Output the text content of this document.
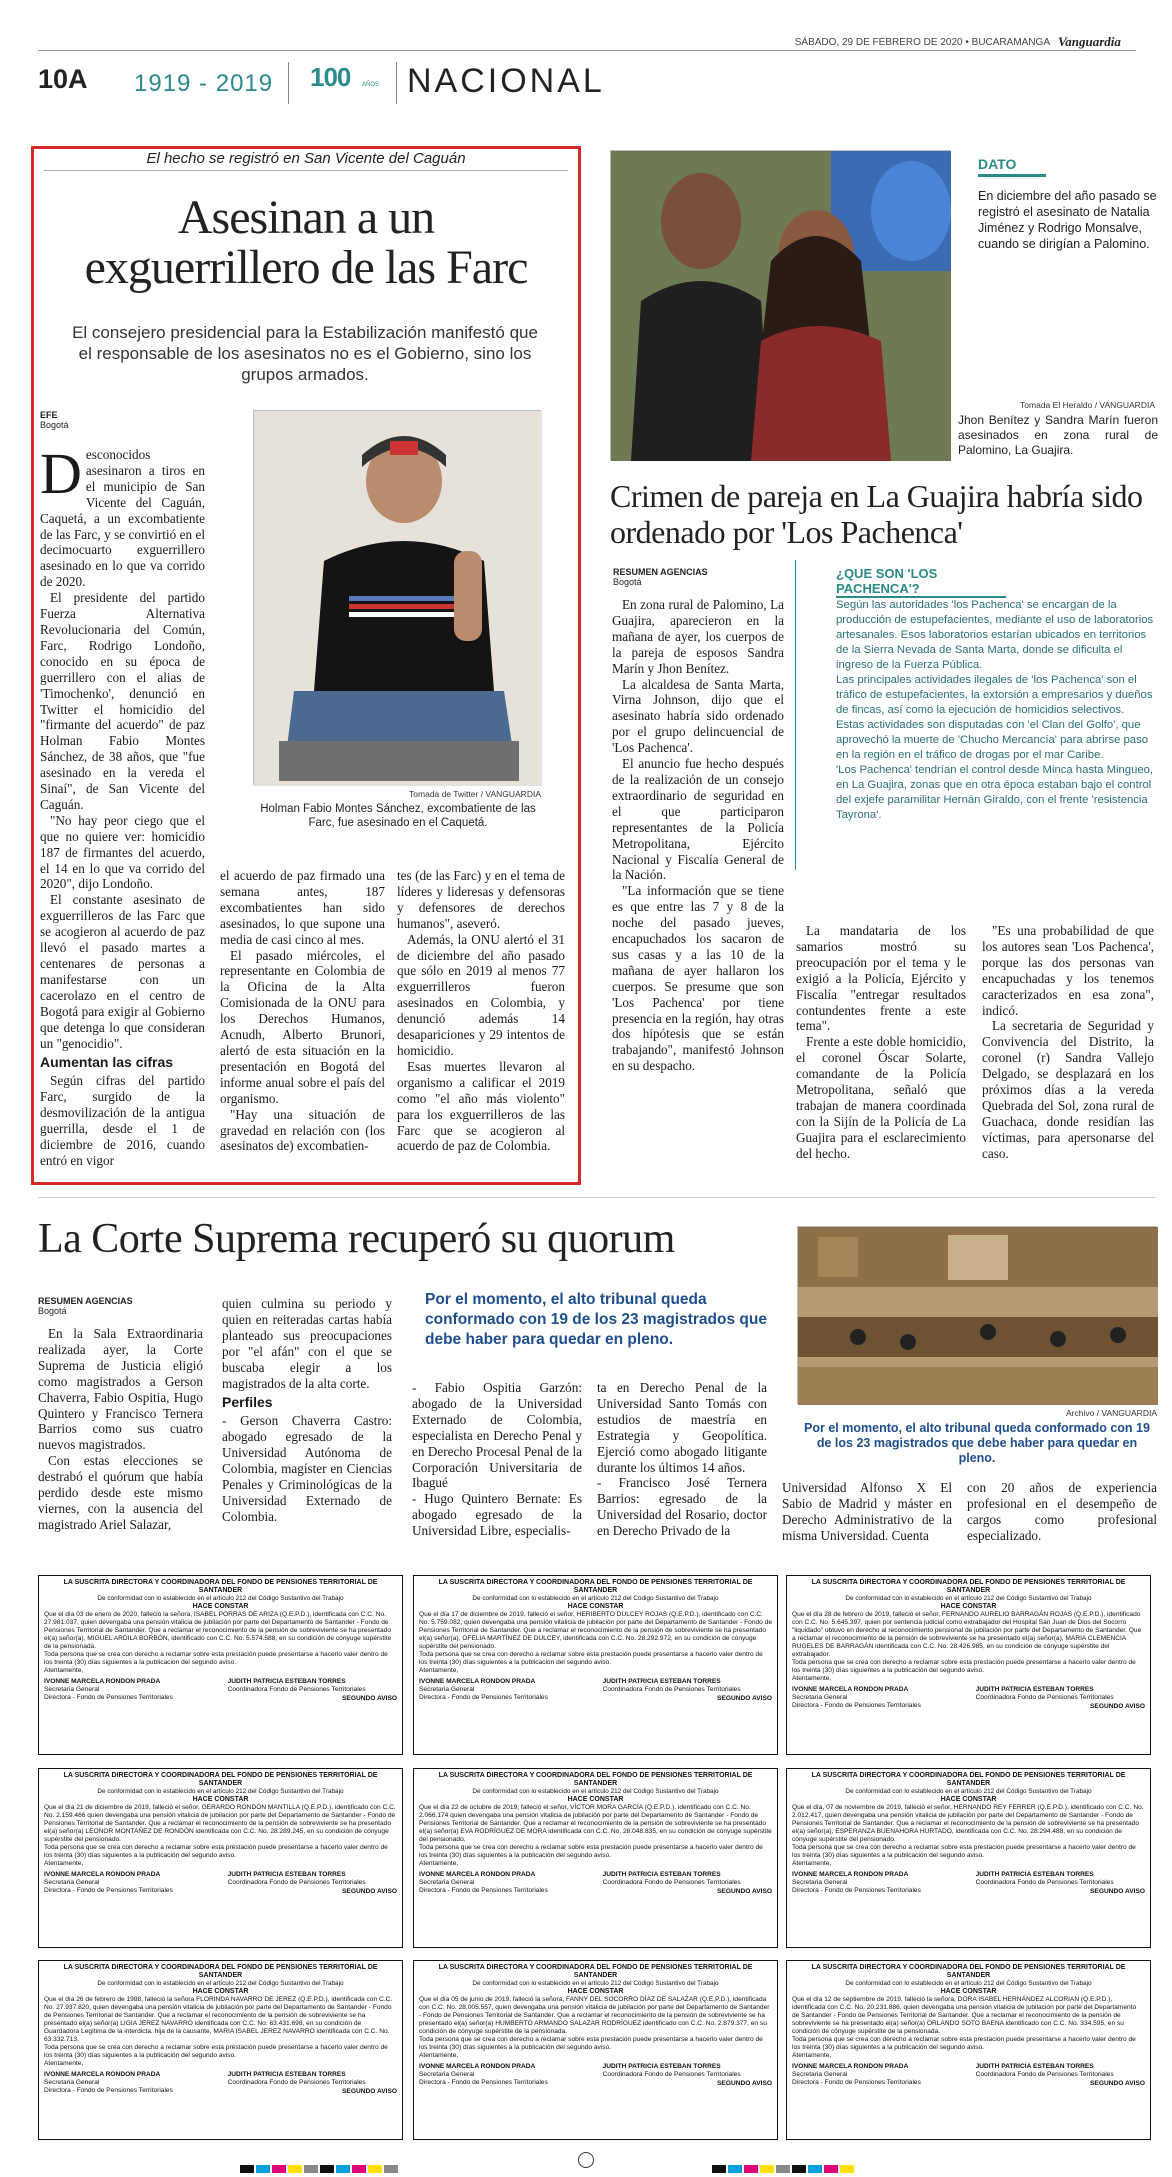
SÁBADO, 29 DE FEBRERO DE 2020 • BUCARAMANGA Vanguardia
10A 1919 - 2019 100 AÑOS NACIONAL
El hecho se registró en San Vicente del Caguán
Asesinan a un exguerrillero de las Farc
El consejero presidencial para la Estabilización manifestó que el responsable de los asesinatos no es el Gobierno, sino los grupos armados.
EFE
Bogotá

Desconocidos asesinaron a tiros en el municipio de San Vicente del Caguán, Caquetá, a un excombatiente de las Farc, y se convirtió en el decimocuarto exguerrillero asesinado en lo que va corrido de 2020.

El presidente del partido Fuerza Alternativa Revolucionaria del Común, Farc, Rodrigo Londoño, conocido en su época de guerrillero con el alias de 'Timochenko', denunció en Twitter el homicidio del "firmante del acuerdo" de paz Holman Fabio Montes Sánchez, de 38 años, que "fue asesinado en la vereda el Sinaí", de San Vicente del Caguán.

"No hay peor ciego que el que no quiere ver: homicidio 187 de firmantes del acuerdo, el 14 en lo que va corrido del 2020", dijo Londoño.

El constante asesinato de exguerrilleros de las Farc que se acogieron al acuerdo de paz llevó el pasado martes a centenares de personas a manifestarse con un cacerolazo en el centro de Bogotá para exigir al Gobierno que detenga lo que consideran un "genocidio".

Aumentan las cifras

Según cifras del partido Farc, surgido de la desmovilización de la antigua guerrilla, desde el 1 de diciembre de 2016, cuando entró en vigor

Tomada de Twitter / VANGUARDIA
Holman Fabio Montes Sánchez, excombatiente de las Farc, fue asesinado en el Caquetá.

el acuerdo de paz firmado una semana antes, 187 excombatientes han sido asesinados, lo que supone una media de casi cinco al mes.

El pasado miércoles, el representante en Colombia de la Oficina de la Alta Comisionada de la ONU para los Derechos Humanos, Acnudh, Alberto Brunori, alertó de esta situación en la presentación en Bogotá del informe anual sobre el país del organismo.

"Hay una situación de gravedad en relación con (los asesinatos de) excombatien-

tes (de las Farc) y en el tema de líderes y lideresas y defensoras y defensores de derechos humanos", aseveró.

Además, la ONU alertó el 31 de diciembre del año pasado que sólo en 2019 al menos 77 exguerrilleros fueron asesinados en Colombia, y denunció además 14 desapariciones y 29 intentos de homicidio.

Esas muertes llevaron al organismo a calificar el 2019 como "el año más violento" para los exguerrilleros de las Farc que se acogieron al acuerdo de paz de Colombia.

DATO
En diciembre del año pasado se registró el asesinato de Natalia Jiménez y Rodrigo Monsalve, cuando se dirigían a Palomino.
Tomada El Heraldo / VANGUARDIA
Jhon Benítez y Sandra Marín fueron asesinados en zona rural de Palomino, La Guajira.
Crimen de pareja en La Guajira habría sido ordenado por 'Los Pachenca'
RESUMEN AGENCIAS
Bogotá

En zona rural de Palomino, La Guajira, aparecieron en la mañana de ayer, los cuerpos de la pareja de esposos Sandra Marín y Jhon Benítez.

La alcaldesa de Santa Marta, Virna Johnson, dijo que el asesinato habría sido ordenado por el grupo delincuencial de 'Los Pachenca'.

El anuncio fue hecho después de la realización de un consejo extraordinario de seguridad en el que participaron representantes de la Policía Metropolitana, Ejército Nacional y Fiscalía General de la Nación.

"La información que se tiene es que entre las 7 y 8 de la noche del pasado jueves, encapuchados los sacaron de sus casas y a las 10 de la mañana de ayer hallaron los cuerpos. Se presume que son 'Los Pachenca' por tiene presencia en la región, hay otras dos hipótesis que se están trabajando", manifestó Johnson en su despacho.

¿QUE SON 'LOS PACHENCA'?

Según las autoridades 'los Pachenca' se encargan de la producción de estupefacientes, mediante el uso de laboratorios artesanales. Esos laboratorios estarían ubicados en territorios de la Sierra Nevada de Santa Marta, donde se dificulta el ingreso de la Fuerza Pública.

Las principales actividades ilegales de 'los Pachenca' son el tráfico de estupefacientes, la extorsión a empresarios y dueños de fincas, así como la ejecución de homicidios selectivos. Estas actividades son disputadas con 'el Clan del Golfo', que aprovechó la muerte de 'Chucho Mercancía' para abrirse paso en la región en el tráfico de drogas por el mar Caribe.

'Los Pachenca' tendrían el control desde Minca hasta Mingueo, en La Guajira, zonas que en otra época estaban bajo el control del exjefe paramilitar Hernán Giraldo, con el frente 'resistencia Tayrona'.

La mandataria de los samarios mostró su preocupación por el tema y le exigió a la Policía, Ejército y Fiscalía "entregar resultados contundentes frente a este tema".

Frente a este doble homicidio, el coronel Óscar Solarte, comandante de la Policía Metropolitana, señaló que trabajan de manera coordinada con la Sijín de la Policía de La Guajira para el esclarecimiento del hecho.

"Es una probabilidad de que los autores sean 'Los Pachenca', porque las dos personas van encapuchadas y los tenemos caracterizados en esa zona", indicó.

La secretaria de Seguridad y Convivencia del Distrito, la coronel (r) Sandra Vallejo Delgado, se desplazará en los próximos días a la vereda Quebrada del Sol, zona rural de Guachaca, donde residían las víctimas, para apersonarse del caso.

La Corte Suprema recuperó su quorum
RESUMEN AGENCIAS
Bogotá

En la Sala Extraordinaria realizada ayer, la Corte Suprema de Justicia eligió como magistrados a Gerson Chaverra, Fabio Ospitia, Hugo Quintero y Francisco Ternera Barrios como sus cuatro nuevos magistrados.

Con estas elecciones se destrabó el quórum que había perdido desde este mismo viernes, con la ausencia del magistrado Ariel Salazar,

quien culmina su periodo y quien en reiteradas cartas había planteado sus preocupaciones por "el afán" con el que se buscaba elegir a los magistrados de la alta corte.

Perfiles

- Gerson Chaverra Castro: abogado egresado de la Universidad Autónoma de Colombia, magíster en Ciencias Penales y Criminológicas de la Universidad Externado de Colombia.

Por el momento, el alto tribunal queda conformado con 19 de los 23 magistrados que debe haber para quedar en pleno.

- Fabio Ospitia Garzón: abogado de la Universidad Externado de Colombia, especialista en Derecho Penal y en Derecho Procesal Penal de la Corporación Universitaria de Ibagué

- Hugo Quintero Bernate: Es abogado egresado de la Universidad Libre, especialis-

ta en Derecho Penal de la Universidad Santo Tomás con estudios de maestría en Estrategia y Geopolítica. Ejerció como abogado litigante durante los últimos 14 años.

- Francisco José Ternera Barrios: egresado de la Universidad del Rosario, doctor en Derecho Privado de la

Archivo / VANGUARDIA
Por el momento, el alto tribunal queda conformado con 19 de los 23 magistrados que debe haber para quedar en pleno.

Universidad Alfonso X El Sabio de Madrid y máster en Derecho Administrativo de la misma Universidad. Cuenta

con 20 años de experiencia profesional en el desempeño de cargos como profesional especializado.

LA SUSCRITA DIRECTORA Y COORDINADORA DEL FONDO DE PENSIONES TERRITORIAL DE SANTANDER
De conformidad con lo establecido en el artículo 212 del Código Sustantivo del Trabajo
HACE CONSTAR
Que el día 03 de enero de 2020, falleció la señora, ISABEL PORRAS DE ARIZA (Q.E.P.D.), identificada con C.C. No. 27.981.037, quien devengaba una pensión vitalicia de jubilación por parte del Departamento de Santander - Fondo de Pensiones Territorial de Santander. Que a reclamar el reconocimiento de la pensión de sobreviviente se ha presentado el(a) señor(a), MIGUEL ARDILA BORBÓN, identificado con C.C. No. 5.574.588, en su condición de cónyuge supérstite de la pensionada.
Toda persona que se crea con derecho a reclamar sobre esta prestación puede presentarse a hacerlo valer dentro de los treinta (30) días siguientes a la publicación del segundo aviso.
Atentamente,
IVONNE MARCELA RONDON PRADA
Secretaria General
Directora - Fondo de Pensiones Territoriales
JUDITH PATRICIA ESTEBAN TORRES
Coordinadora Fondo de Pensiones Territoriales
SEGUNDO AVISO
LA SUSCRITA DIRECTORA Y COORDINADORA DEL FONDO DE PENSIONES TERRITORIAL DE SANTANDER
De conformidad con lo establecido en el artículo 212 del Código Sustantivo del Trabajo
HACE CONSTAR
Que el día 17 de diciembre de 2019, falleció el señor, HERIBERTO DULCEY ROJAS (Q.E.P.D.), identificado con C.C. No. 5.759.082, quien devengaba una pensión vitalicia de jubilación por parte del Departamento de Santander - Fondo de Pensiones Territorial de Santander. Que a reclamar el reconocimiento de la pensión de sobreviviente se ha presentado el(a) señor(a), OFELIA MARTÍNEZ DE DULCEY, identificada con C.C. No. 28.292.972, en su condición de cónyuge supérstite del pensionado.
Toda persona que se crea con derecho a reclamar sobre esta prestación puede presentarse a hacerlo valer dentro de los treinta (30) días siguientes a la publicación del segundo aviso.
Atentamente,
IVONNE MARCELA RONDON PRADA
Secretaria General
Directora - Fondo de Pensiones Territoriales
JUDITH PATRICIA ESTEBAN TORRES
Coordinadora Fondo de Pensiones Territoriales
SEGUNDO AVISO
LA SUSCRITA DIRECTORA Y COORDINADORA DEL FONDO DE PENSIONES TERRITORIAL DE SANTANDER
De conformidad con lo establecido en el artículo 212 del Código Sustantivo del Trabajo
HACE CONSTAR
Que el día 28 de febrero de 2019, falleció el señor, FERNANDO AURELIO BARRAGÁN ROJAS (Q.E.P.D.), identificado con C.C. No. 5.645.397, quien por sentencia judicial como extrabajador del Hospital San Juan de Dios del Socorro "liquidado" obtuvo en derecho al reconocimiento pensional de jubilación por parte del Departamento de Santander. Que a reclamar el reconocimiento de la pensión de sobreviviente se ha presentado el(a) señor(a), MARIA CLEMENCIA RUGELES DE BARRAGÁN identificada con C.C. No. 28.426.985, en su condición de cónyuge supérstite del extrabajador.
Toda persona que se crea con derecho a reclamar sobre esta prestación puede presentarse a hacerlo valer dentro de los treinta (30) días siguientes a la publicación del segundo aviso.
Atentamente,
IVONNE MARCELA RONDON PRADA
Secretaria General
Directora - Fondo de Pensiones Territoriales
JUDITH PATRICIA ESTEBAN TORRES
Coordinadora Fondo de Pensiones Territoriales
SEGUNDO AVISO
LA SUSCRITA DIRECTORA Y COORDINADORA DEL FONDO DE PENSIONES TERRITORIAL DE SANTANDER
De conformidad con lo establecido en el artículo 212 del Código Sustantivo del Trabajo
HACE CONSTAR
Que el día 21 de diciembre de 2019, falleció el señor, GERARDO RONDÓN MANTILLA (Q.E.P.D.), identificado con C.C. No. 2.159.466 quien devengaba una pensión vitalicia de jubilación por parte del Departamento de Santander - Fondo de Pensiones Territorial de Santander. Que a reclamar el reconocimiento de la pensión de sobreviviente se ha presentado el(a) señor(a) LEONOR MONTAÑEZ DE RONDÓN identificada con C.C. No. 28.289.245, en su condición de cónyuge supérstite del pensionado.
Toda persona que se crea con derecho a reclamar sobre esta prestación puede presentarse a hacerlo valer dentro de los treinta (30) días siguientes a la publicación del segundo aviso.
Atentamente,
IVONNE MARCELA RONDON PRADA
Secretaria General
Directora - Fondo de Pensiones Territoriales
JUDITH PATRICIA ESTEBAN TORRES
Coordinadora Fondo de Pensiones Territoriales
SEGUNDO AVISO
LA SUSCRITA DIRECTORA Y COORDINADORA DEL FONDO DE PENSIONES TERRITORIAL DE SANTANDER
De conformidad con lo establecido en el artículo 212 del Código Sustantivo del Trabajo
HACE CONSTAR
Que el día 22 de octubre de 2019, falleció el señor, VÍCTOR MORA GARCÍA (Q.E.P.D.), identificado con C.C. No. 2.066.174 quien devengaba una pensión vitalicia de jubilación por parte del Departamento de Santander - Fondo de Pensiones Territorial de Santander. Que a reclamar el reconocimiento de la pensión de sobreviviente se ha presentado el(a) señor(a) EVA RODRÍGUEZ DE MORA identificada con C.C. No. 28.048.835, en su condición de cónyuge supérstite del pensionado.
Toda persona que se crea con derecho a reclamar sobre esta prestación puede presentarse a hacerlo valer dentro de los treinta (30) días siguientes a la publicación del segundo aviso.
Atentamente,
IVONNE MARCELA RONDON PRADA
Secretaria General
Directora - Fondo de Pensiones Territoriales
JUDITH PATRICIA ESTEBAN TORRES
Coordinadora Fondo de Pensiones Territoriales
SEGUNDO AVISO
LA SUSCRITA DIRECTORA Y COORDINADORA DEL FONDO DE PENSIONES TERRITORIAL DE SANTANDER
De conformidad con lo establecido en el artículo 212 del Código Sustantivo del Trabajo
HACE CONSTAR
Que el día, 07 de noviembre de 2019, falleció el señor, HERNANDO REY FERRER (Q.E.P.D.), identificado con C.C. No. 2.012.417, quien devengaba una pensión vitalicia de jubilación por parte del Departamento de Santander - Fondo de Pensiones Territorial de Santander. Que a reclamar el reconocimiento de la pensión de sobreviviente se ha presentado el(a) señor(a), ESPERANZA BUENAHORA HURTADO, identificada con C.C. No. 28.294.488, en su condición de cónyuge supérstite del pensionado.
Toda persona que se crea con derecho a reclamar sobre esta prestación puede presentarse a hacerlo valer dentro de los treinta (30) días siguientes a la publicación del segundo aviso.
Atentamente,
IVONNE MARCELA RONDON PRADA
Secretaria General
Directora - Fondo de Pensiones Territoriales
JUDITH PATRICIA ESTEBAN TORRES
Coordinadora Fondo de Pensiones Territoriales
SEGUNDO AVISO
LA SUSCRITA DIRECTORA Y COORDINADORA DEL FONDO DE PENSIONES TERRITORIAL DE SANTANDER
De conformidad con lo establecido en el artículo 212 del Código Sustantivo del Trabajo
HACE CONSTAR
Que el día 26 de febrero de 1988, falleció la señora FLORINDA NAVARRO DE JEREZ (Q.E.P.D.), identificada con C.C. No. 27.937.820, quien devengaba una pensión vitalicia de jubilación por parte del Departamento de Santander - Fondo de Pensiones Territorial de Santander. Que a reclamar el reconocimiento de la pensión de sobreviviente se ha presentado el(a) señor(a) LIGIA JEREZ NAVARRO identificada con C.C. No. 63.431.698, en su condición de Guardadora Legítima de la interdicta, hija de la causante, MARIA ISABEL JEREZ NAVARRO identificada con C.C. No. 63.332.713.
Toda persona que se crea con derecho a reclamar sobre esta prestación puede presentarse a hacerlo valer dentro de los treinta (30) días siguientes a la publicación del segundo aviso.
Atentamente,
IVONNE MARCELA RONDON PRADA
Secretaria General
Directora - Fondo de Pensiones Territoriales
JUDITH PATRICIA ESTEBAN TORRES
Coordinadora Fondo de Pensiones Territoriales
SEGUNDO AVISO
LA SUSCRITA DIRECTORA Y COORDINADORA DEL FONDO DE PENSIONES TERRITORIAL DE SANTANDER
De conformidad con lo establecido en el artículo 212 del Código Sustantivo del Trabajo
HACE CONSTAR
Que el día 05 de junio de 2019, falleció la señora, FANNY DEL SOCORRO DÍAZ DE SALAZAR (Q.E.P.D.), identificada con C.C. No. 28.005.557, quien devengaba una pensión vitalicia de jubilación por parte del Departamento de Santander - Fondo de Pensiones Territorial de Santander. Que a reclamar el reconocimiento de la pensión de sobreviviente se ha presentado el(a) señor(a) HUMBERTO ARMANDO SALAZAR RODRÍGUEZ identificado con C.C. No. 2.879.377, en su condición de cónyuge supérstite de la pensionada.
Toda persona que se crea con derecho a reclamar sobre esta prestación puede presentarse a hacerlo valer dentro de los treinta (30) días siguientes a la publicación del segundo aviso.
Atentamente,
IVONNE MARCELA RONDON PRADA
Secretaria General
Directora - Fondo de Pensiones Territoriales
JUDITH PATRICIA ESTEBAN TORRES
Coordinadora Fondo de Pensiones Territoriales
SEGUNDO AVISO
LA SUSCRITA DIRECTORA Y COORDINADORA DEL FONDO DE PENSIONES TERRITORIAL DE SANTANDER
De conformidad con lo establecido en el artículo 212 del Código Sustantivo del Trabajo
HACE CONSTAR
Que el día 12 de septiembre de 2019, falleció la señora, DORA ISABEL HERNÁNDEZ ALCORIAN (Q.E.P.D.), identificada con C.C. No. 20.231.886, quien devengaba una pensión vitalicia de jubilación por parte del Departamento de Santander - Fondo de Pensiones Territorial de Santander. Que a reclamar el reconocimiento de la pensión de sobreviviente se ha presentado el(a) señor(a) ORLANDO SOTO BAENA identificado con C.C. No. 334.595, en su condición de cónyuge supérstite de la pensionada.
Toda persona que se crea con derecho a reclamar sobre esta prestación puede presentarse a hacerlo valer dentro de los treinta (30) días siguientes a la publicación del segundo aviso.
Atentamente,
IVONNE MARCELA RONDON PRADA
Secretaria General
Directora - Fondo de Pensiones Territoriales
JUDITH PATRICIA ESTEBAN TORRES
Coordinadora Fondo de Pensiones Territoriales
SEGUNDO AVISO
